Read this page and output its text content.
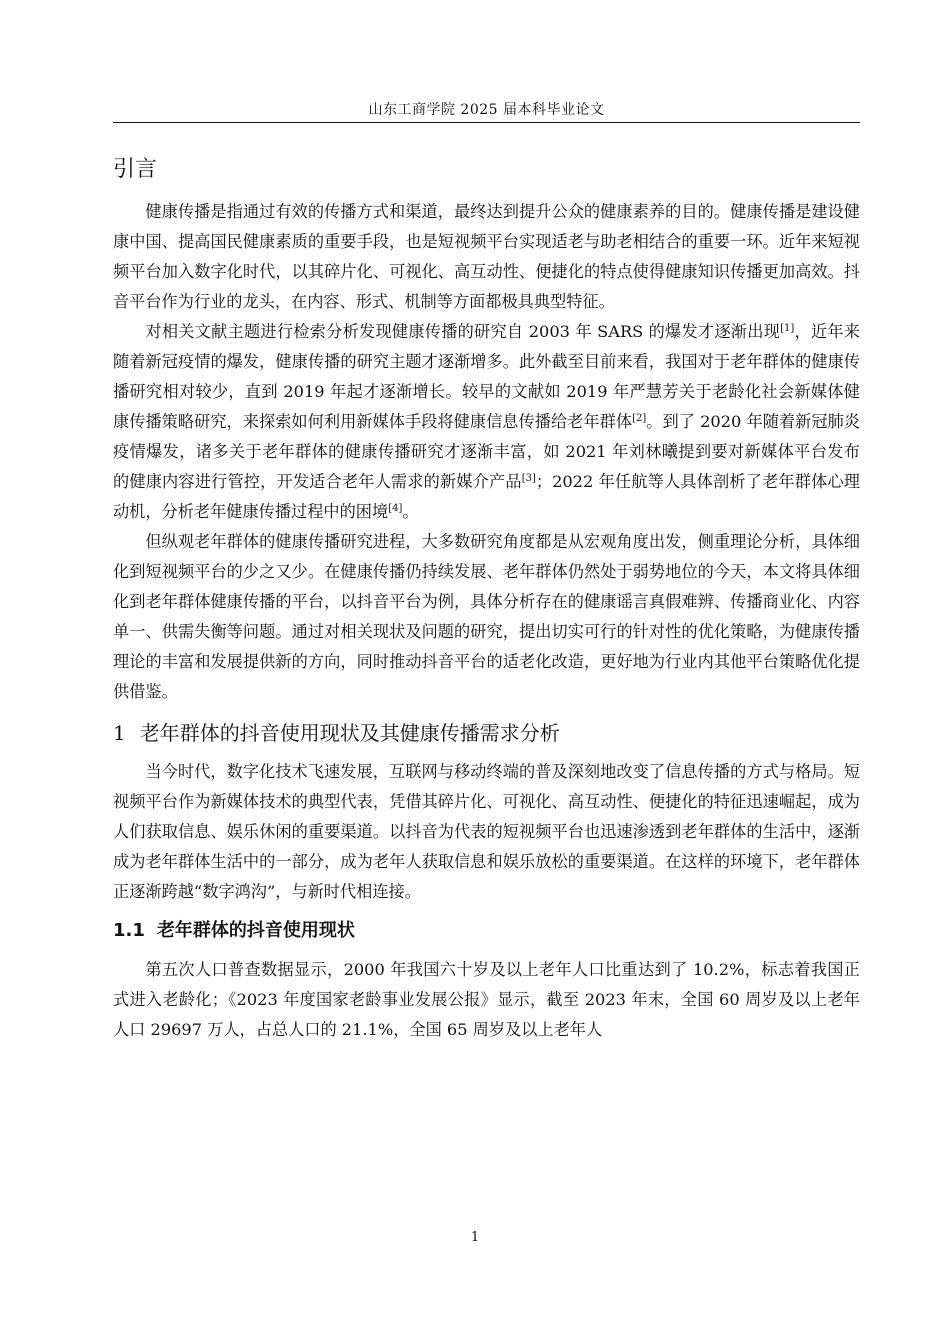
山东工商学院 2025 届本科毕业论文
引言

健康传播是指通过有效的传播方式和渠道，最终达到提升公众的健康素养的目的。健康传播是建设健康中国、提高国民健康素质的重要手段，也是短视频平台实现适老与助老相结合的重要一环。近年来短视频平台加入数字化时代，以其碎片化、可视化、高互动性、便捷化的特点使得健康知识传播更加高效。抖音平台作为行业的龙头，在内容、形式、机制等方面都极具典型特征。

对相关文献主题进行检索分析发现健康传播的研究自 2003 年 SARS 的爆发才逐渐出现[1]，近年来随着新冠疫情的爆发，健康传播的研究主题才逐渐增多。此外截至目前来看，我国对于老年群体的健康传播研究相对较少，直到 2019 年起才逐渐增长。较早的文献如 2019 年严慧芳关于老龄化社会新媒体健康传播策略研究，来探索如何利用新媒体手段将健康信息传播给老年群体[2]。到了 2020 年随着新冠肺炎疫情爆发，诸多关于老年群体的健康传播研究才逐渐丰富，如 2021 年刘林曦提到要对新媒体平台发布的健康内容进行管控，开发适合老年人需求的新媒介产品[3]；2022 年任航等人具体剖析了老年群体心理动机，分析老年健康传播过程中的困境[4]。

但纵观老年群体的健康传播研究进程，大多数研究角度都是从宏观角度出发，侧重理论分析，具体细化到短视频平台的少之又少。在健康传播仍持续发展、老年群体仍然处于弱势地位的今天，本文将具体细化到老年群体健康传播的平台，以抖音平台为例，具体分析存在的健康谣言真假难辨、传播商业化、内容单一、供需失衡等问题。通过对相关现状及问题的研究，提出切实可行的针对性的优化策略，为健康传播理论的丰富和发展提供新的方向，同时推动抖音平台的适老化改造，更好地为行业内其他平台策略优化提供借鉴。

1 老年群体的抖音使用现状及其健康传播需求分析

当今时代，数字化技术飞速发展，互联网与移动终端的普及深刻地改变了信息传播的方式与格局。短视频平台作为新媒体技术的典型代表，凭借其碎片化、可视化、高互动性、便捷化的特征迅速崛起，成为人们获取信息、娱乐休闲的重要渠道。以抖音为代表的短视频平台也迅速渗透到老年群体的生活中，逐渐成为老年群体生活中的一部分，成为老年人获取信息和娱乐放松的重要渠道。在这样的环境下，老年群体正逐渐跨越“数字鸿沟”，与新时代相连接。

1.1 老年群体的抖音使用现状

第五次人口普查数据显示，2000 年我国六十岁及以上老年人口比重达到了 10.2%，标志着我国正式进入老龄化；《2023 年度国家老龄事业发展公报》显示，截至 2023 年末，全国 60 周岁及以上老年人口 29697 万人，占总人口的 21.1%，全国 65 周岁及以上老年人

1
